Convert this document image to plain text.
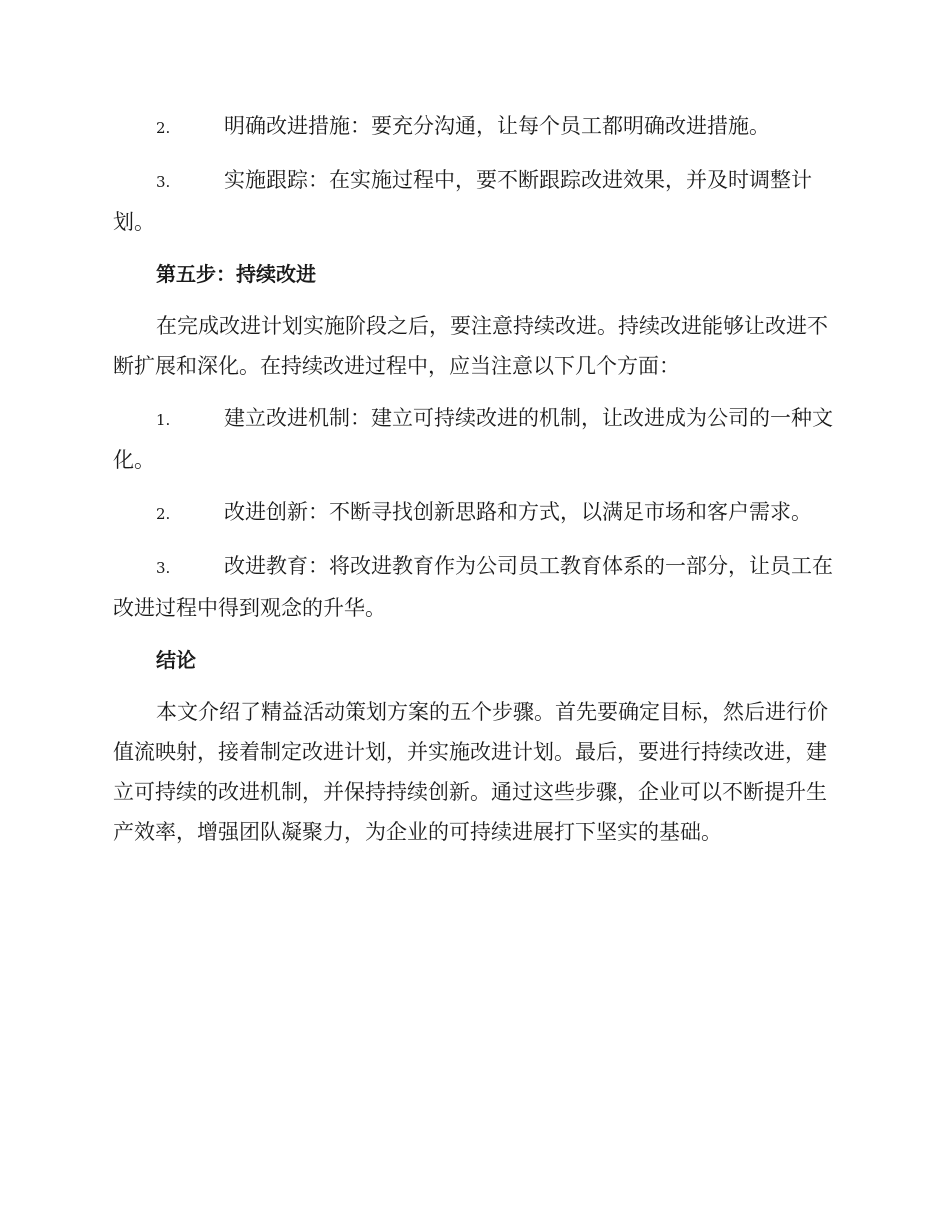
2.	明确改进措施：要充分沟通，让每个员工都明确改进措施。

3.	实施跟踪：在实施过程中，要不断跟踪改进效果，并及时调整计划。

第五步：持续改进

在完成改进计划实施阶段之后，要注意持续改进。持续改进能够让改进不断扩展和深化。在持续改进过程中，应当注意以下几个方面：

1.	建立改进机制：建立可持续改进的机制，让改进成为公司的一种文化。

2.	改进创新：不断寻找创新思路和方式，以满足市场和客户需求。

3.	改进教育：将改进教育作为公司员工教育体系的一部分，让员工在改进过程中得到观念的升华。

结论

本文介绍了精益活动策划方案的五个步骤。首先要确定目标，然后进行价值流映射，接着制定改进计划，并实施改进计划。最后，要进行持续改进，建立可持续的改进机制，并保持持续创新。通过这些步骤，企业可以不断提升生产效率，增强团队凝聚力，为企业的可持续进展打下坚实的基础。
